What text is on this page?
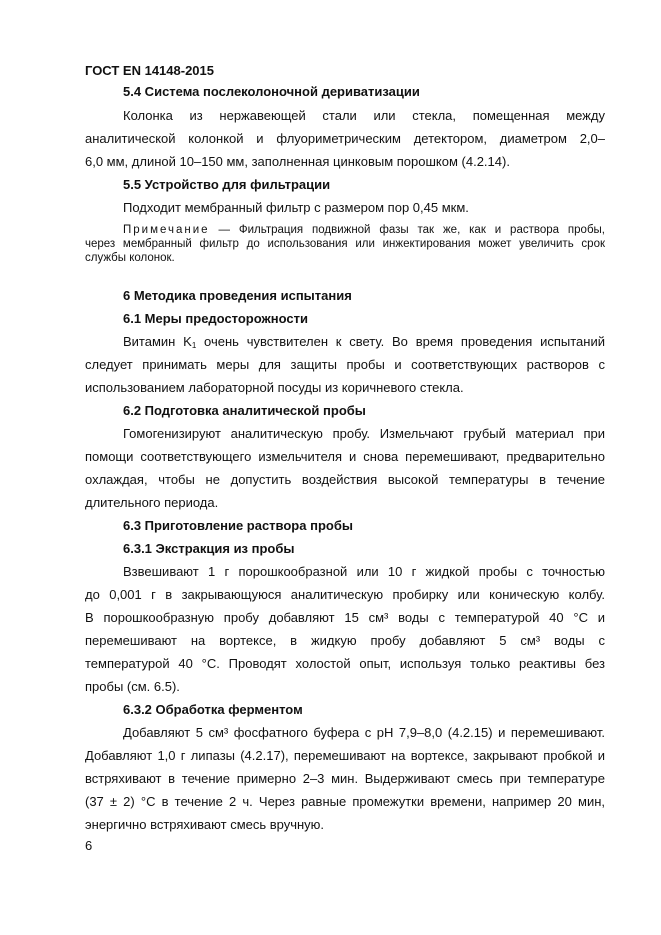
ГОСТ EN 14148-2015
5.4 Система послеколоночной дериватизации
Колонка из нержавеющей стали или стекла, помещенная между
аналитической колонкой и флуориметрическим детектором, диаметром 2,0–
6,0 мм, длиной 10–150 мм, заполненная цинковым порошком (4.2.14).
5.5 Устройство для фильтрации
Подходит мембранный фильтр с размером пор 0,45 мкм.
Примечание — Фильтрация подвижной фазы так же, как и раствора пробы,
через мембранный фильтр до использования или инжектирования может увеличить срок
службы колонок.
6 Методика проведения испытания
6.1 Меры предосторожности
Витамин $K_1$ очень чувствителен к свету. Во время проведения испытаний
следует принимать меры для защиты пробы и соответствующих растворов с
использованием лабораторной посуды из коричневого стекла.
6.2 Подготовка аналитической пробы
Гомогенизируют аналитическую пробу. Измельчают грубый материал при
помощи соответствующего измельчителя и снова перемешивают, предварительно
охлаждая, чтобы не допустить воздействия высокой температуры в течение
длительного периода.
6.3 Приготовление раствора пробы
6.3.1 Экстракция из пробы
Взвешивают 1 г порошкообразной или 10 г жидкой пробы с точностью
до 0,001 г в закрывающуюся аналитическую пробирку или коническую колбу.
В порошкообразную пробу добавляют 15 см³ воды с температурой 40 °C и
перемешивают на вортексе, в жидкую пробу добавляют 5 см³ воды с
температурой 40 °C. Проводят холостой опыт, используя только реактивы без
пробы (см. 6.5).
6.3.2 Обработка ферментом
Добавляют 5 см³ фосфатного буфера с рН 7,9–8,0 (4.2.15) и перемешивают.
Добавляют 1,0 г липазы (4.2.17), перемешивают на вортексе, закрывают пробкой и
встряхивают в течение примерно 2–3 мин. Выдерживают смесь при температуре
(37 ± 2) °C в течение 2 ч. Через равные промежутки времени, например 20 мин,
энергично встряхивают смесь вручную.
6
